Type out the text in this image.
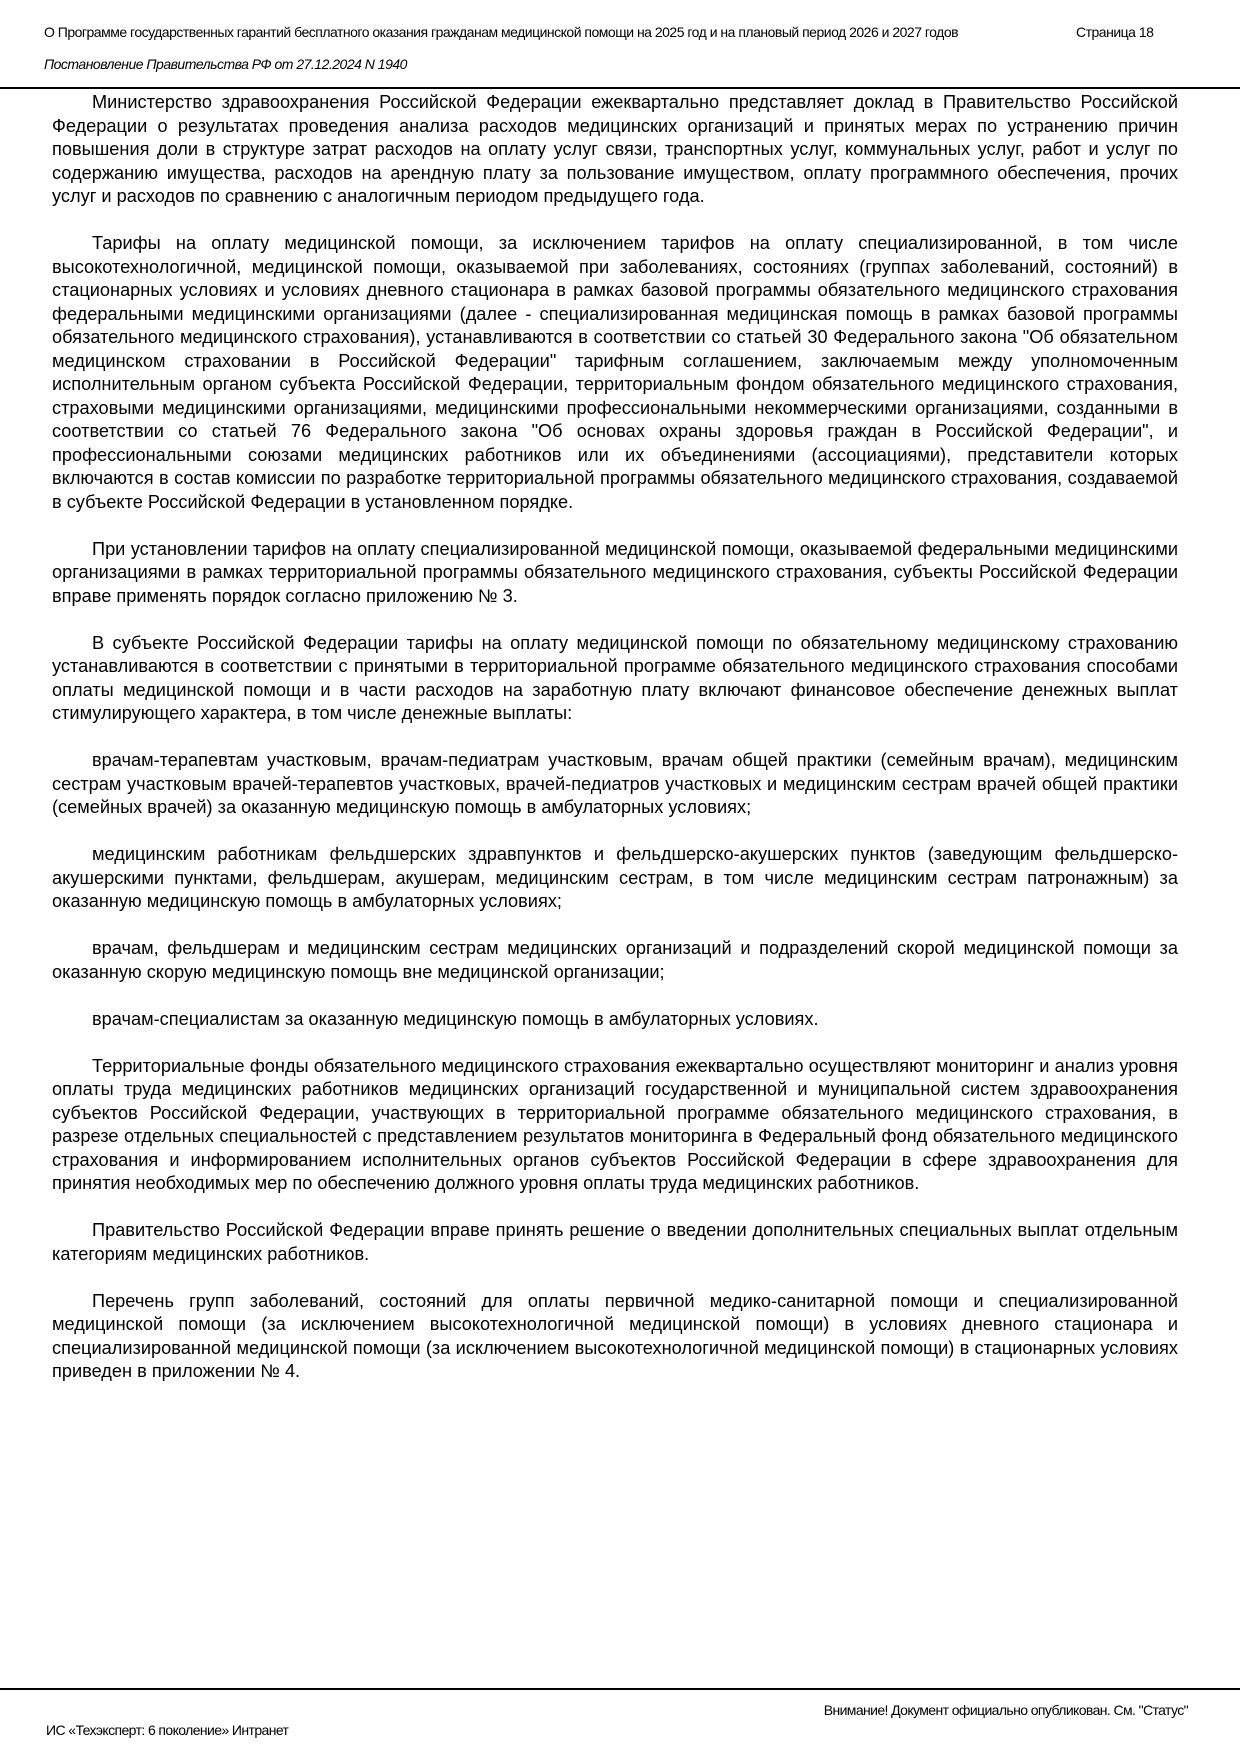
О Программе государственных гарантий бесплатного оказания гражданам медицинской помощи на 2025 год и на плановый период 2026 и 2027 годов	Страница 18
Постановление Правительства РФ от 27.12.2024 N 1940

Министерство здравоохранения Российской Федерации ежеквартально представляет доклад в Правительство Российской Федерации о результатах проведения анализа расходов медицинских организаций и принятых мерах по устранению причин повышения доли в структуре затрат расходов на оплату услуг связи, транспортных услуг, коммунальных услуг, работ и услуг по содержанию имущества, расходов на арендную плату за пользование имуществом, оплату программного обеспечения, прочих услуг и расходов по сравнению с аналогичным периодом предыдущего года.

Тарифы на оплату медицинской помощи, за исключением тарифов на оплату специализированной, в том числе высокотехнологичной, медицинской помощи, оказываемой при заболеваниях, состояниях (группах заболеваний, состояний) в стационарных условиях и условиях дневного стационара в рамках базовой программы обязательного медицинского страхования федеральными медицинскими организациями (далее - специализированная медицинская помощь в рамках базовой программы обязательного медицинского страхования), устанавливаются в соответствии со статьей 30 Федерального закона "Об обязательном медицинском страховании в Российской Федерации" тарифным соглашением, заключаемым между уполномоченным исполнительным органом субъекта Российской Федерации, территориальным фондом обязательного медицинского страхования, страховыми медицинскими организациями, медицинскими профессиональными некоммерческими организациями, созданными в соответствии со статьей 76 Федерального закона "Об основах охраны здоровья граждан в Российской Федерации", и профессиональными союзами медицинских работников или их объединениями (ассоциациями), представители которых включаются в состав комиссии по разработке территориальной программы обязательного медицинского страхования, создаваемой в субъекте Российской Федерации в установленном порядке.

При установлении тарифов на оплату специализированной медицинской помощи, оказываемой федеральными медицинскими организациями в рамках территориальной программы обязательного медицинского страхования, субъекты Российской Федерации вправе применять порядок согласно приложению № 3.

В субъекте Российской Федерации тарифы на оплату медицинской помощи по обязательному медицинскому страхованию устанавливаются в соответствии с принятыми в территориальной программе обязательного медицинского страхования способами оплаты медицинской помощи и в части расходов на заработную плату включают финансовое обеспечение денежных выплат стимулирующего характера, в том числе денежные выплаты:

врачам-терапевтам участковым, врачам-педиатрам участковым, врачам общей практики (семейным врачам), медицинским сестрам участковым врачей-терапевтов участковых, врачей-педиатров участковых и медицинским сестрам врачей общей практики (семейных врачей) за оказанную медицинскую помощь в амбулаторных условиях;

медицинским работникам фельдшерских здравпунктов и фельдшерско-акушерских пунктов (заведующим фельдшерско-акушерскими пунктами, фельдшерам, акушерам, медицинским сестрам, в том числе медицинским сестрам патронажным) за оказанную медицинскую помощь в амбулаторных условиях;

врачам, фельдшерам и медицинским сестрам медицинских организаций и подразделений скорой медицинской помощи за оказанную скорую медицинскую помощь вне медицинской организации;

врачам-специалистам за оказанную медицинскую помощь в амбулаторных условиях.

Территориальные фонды обязательного медицинского страхования ежеквартально осуществляют мониторинг и анализ уровня оплаты труда медицинских работников медицинских организаций государственной и муниципальной систем здравоохранения субъектов Российской Федерации, участвующих в территориальной программе обязательного медицинского страхования, в разрезе отдельных специальностей с представлением результатов мониторинга в Федеральный фонд обязательного медицинского страхования и информированием исполнительных органов субъектов Российской Федерации в сфере здравоохранения для принятия необходимых мер по обеспечению должного уровня оплаты труда медицинских работников.

Правительство Российской Федерации вправе принять решение о введении дополнительных специальных выплат отдельным категориям медицинских работников.

Перечень групп заболеваний, состояний для оплаты первичной медико-санитарной помощи и специализированной медицинской помощи (за исключением высокотехнологичной медицинской помощи) в условиях дневного стационара и специализированной медицинской помощи (за исключением высокотехнологичной медицинской помощи) в стационарных условиях приведен в приложении № 4.

Внимание! Документ официально опубликован. См. "Статус"
ИС «Техэксперт: 6 поколение» Интранет
